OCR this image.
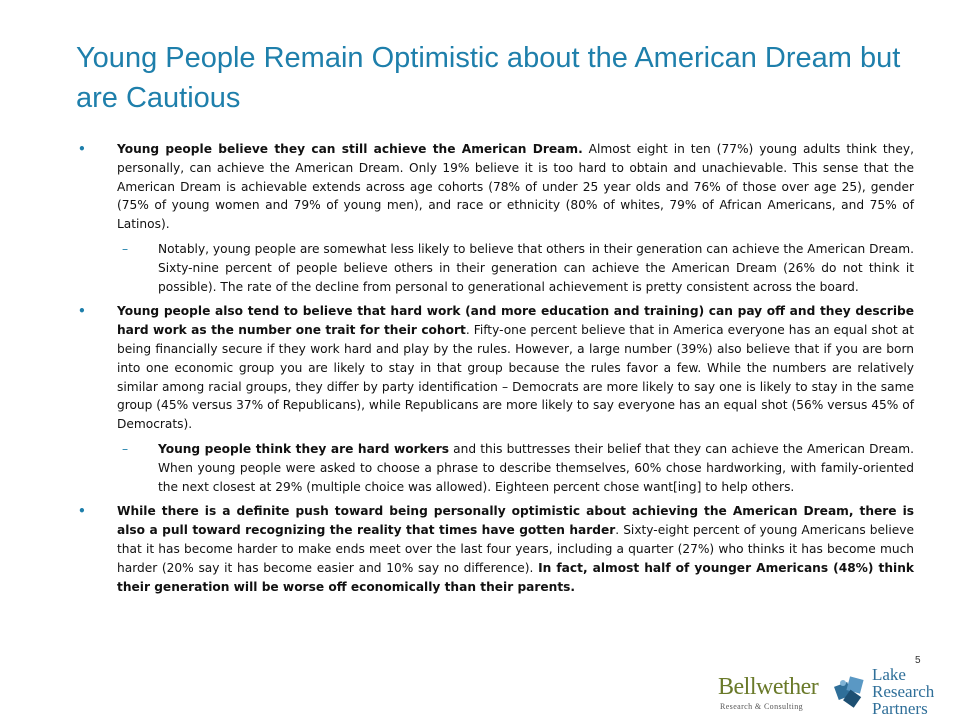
Young People Remain Optimistic about the American Dream but are Cautious

•	Young people believe they can still achieve the American Dream. Almost eight in ten (77%) young adults think they, personally, can achieve the American Dream. Only 19% believe it is too hard to obtain and unachievable. This sense that the American Dream is achievable extends across age cohorts (78% of under 25 year olds and 76% of those over age 25), gender (75% of young women and 79% of young men), and race or ethnicity (80% of whites, 79% of African Americans, and 75% of Latinos).

– Notably, young people are somewhat less likely to believe that others in their generation can achieve the American Dream. Sixty-nine percent of people believe others in their generation can achieve the American Dream (26% do not think it possible). The rate of the decline from personal to generational achievement is pretty consistent across the board.

•	Young people also tend to believe that hard work (and more education and training) can pay off and they describe hard work as the number one trait for their cohort. Fifty-one percent believe that in America everyone has an equal shot at being financially secure if they work hard and play by the rules. However, a large number (39%) also believe that if you are born into one economic group you are likely to stay in that group because the rules favor a few. While the numbers are relatively similar among racial groups, they differ by party identification – Democrats are more likely to say one is likely to stay in the same group (45% versus 37% of Republicans), while Republicans are more likely to say everyone has an equal shot (56% versus 45% of Democrats).

– Young people think they are hard workers and this buttresses their belief that they can achieve the American Dream. When young people were asked to choose a phrase to describe themselves, 60% chose hardworking, with family-oriented the next closest at 29% (multiple choice was allowed). Eighteen percent chose want[ing] to help others.

•	While there is a definite push toward being personally optimistic about achieving the American Dream, there is also a pull toward recognizing the reality that times have gotten harder. Sixty-eight percent of young Americans believe that it has become harder to make ends meet over the last four years, including a quarter (27%) who thinks it has become much harder (20% say it has become easier and 10% say no difference). In fact, almost half of younger Americans (48%) think their generation will be worse off economically than their parents.

5
Bellwether
Research & Consulting
Lake
Research
Partners
